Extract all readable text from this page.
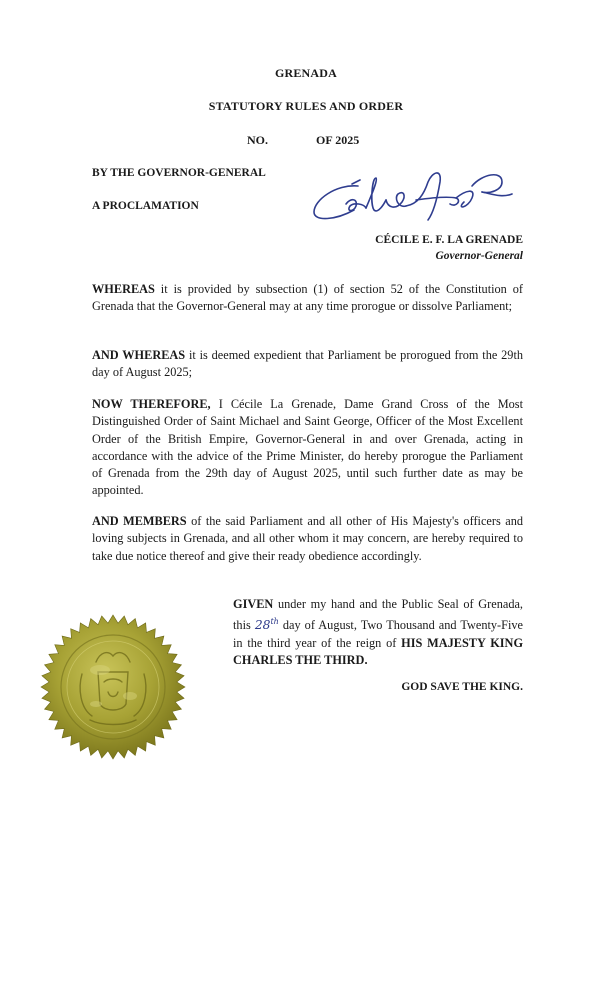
GRENADA
STATUTORY RULES AND ORDER
NO.	OF 2025
BY THE GOVERNOR-GENERAL
A PROCLAMATION
CÉCILE E. F. LA GRENADE
Governor-General
WHEREAS it is provided by subsection (1) of section 52 of the Constitution of Grenada that the Governor-General may at any time prorogue or dissolve Parliament;
AND WHEREAS it is deemed expedient that Parliament be prorogued from the 29th day of August 2025;
NOW THEREFORE, I Cécile La Grenade, Dame Grand Cross of the Most Distinguished Order of Saint Michael and Saint George, Officer of the Most Excellent Order of the British Empire, Governor-General in and over Grenada, acting in accordance with the advice of the Prime Minister, do hereby prorogue the Parliament of Grenada from the 29th day of August 2025, until such further date as may be appointed.
AND MEMBERS of the said Parliament and all other of His Majesty's officers and loving subjects in Grenada, and all other whom it may concern, are hereby required to take due notice thereof and give their ready obedience accordingly.
GIVEN under my hand and the Public Seal of Grenada, this 28th day of August, Two Thousand and Twenty-Five in the third year of the reign of HIS MAJESTY KING CHARLES THE THIRD.
GOD SAVE THE KING.
